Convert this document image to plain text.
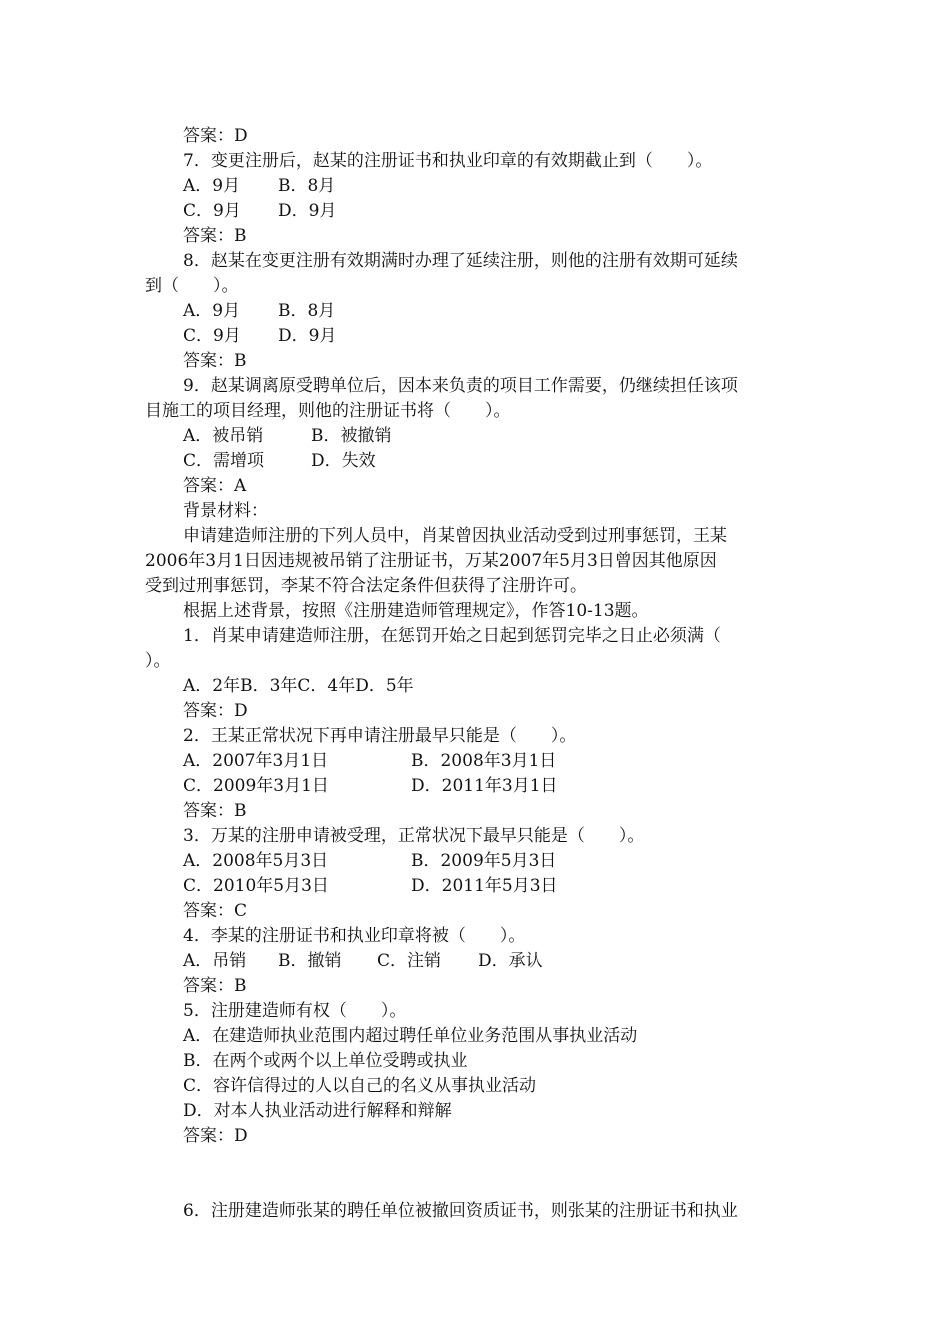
答案：D
7．变更注册后，赵某的注册证书和执业印章的有效期截止到（　　）。
A．9月 B．8月
C．9月 D．9月
答案：B
8．赵某在变更注册有效期满时办理了延续注册，则他的注册有效期可延续
到（　　）。
A．9月 B．8月
C．9月 D．9月
答案：B
9．赵某调离原受聘单位后，因本来负责的项目工作需要，仍继续担任该项
目施工的项目经理，则他的注册证书将（　　）。
A．被吊销	B．被撤销
C．需增项	D．失效
答案：A
背景材料：
申请建造师注册的下列人员中，肖某曾因执业活动受到过刑事惩罚，王某
2006年3月1日因违规被吊销了注册证书，万某2007年5月3日曾因其他原因
受到过刑事惩罚，李某不符合法定条件但获得了注册许可。
根据上述背景，按照《注册建造师管理规定》，作答10-13题。
1．肖某申请建造师注册，在惩罚开始之日起到惩罚完毕之日止必须满（
）。
A．2年B．3年C．4年D．5年
答案：D
2．王某正常状况下再申请注册最早只能是（　　）。
A．2007年3月1日	B．2008年3月1日
C．2009年3月1日	D．2011年3月1日
答案：B
3．万某的注册申请被受理，正常状况下最早只能是（　　）。
A．2008年5月3日	B．2009年5月3日
C．2010年5月3日	D．2011年5月3日
答案：C
4．李某的注册证书和执业印章将被（　　）。
A．吊销 B．撤销 C．注销 D．承认
答案：B
5．注册建造师有权（　　）。
A．在建造师执业范围内超过聘任单位业务范围从事执业活动
B．在两个或两个以上单位受聘或执业
C．容许信得过的人以自己的名义从事执业活动
D．对本人执业活动进行解释和辩解
答案：D
6．注册建造师张某的聘任单位被撤回资质证书，则张某的注册证书和执业
